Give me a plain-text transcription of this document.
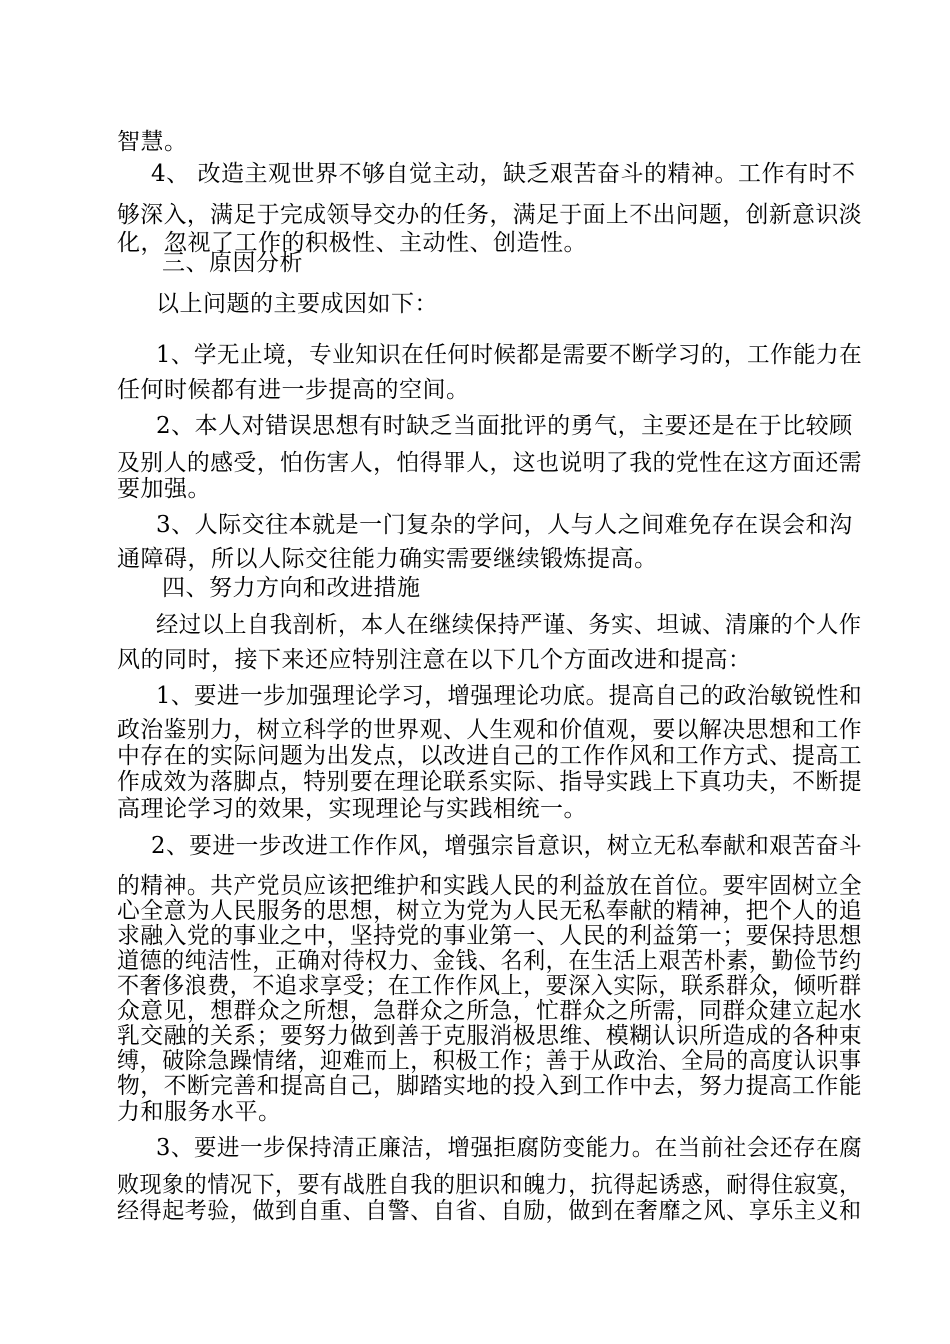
智慧。
4、 改造主观世界不够自觉主动，缺乏艰苦奋斗的精神。工作有时不
够深入，满足于完成领导交办的任务，满足于面上不出问题，创新意识淡
化，忽视了工作的积极性、主动性、创造性。
三、原因分析
以上问题的主要成因如下：
1、学无止境，专业知识在任何时候都是需要不断学习的，工作能力在
任何时候都有进一步提高的空间。
2、本人对错误思想有时缺乏当面批评的勇气，主要还是在于比较顾
及别人的感受，怕伤害人，怕得罪人，这也说明了我的党性在这方面还需
要加强。
3、人际交往本就是一门复杂的学问，人与人之间难免存在误会和沟
通障碍，所以人际交往能力确实需要继续锻炼提高。
四、努力方向和改进措施
经过以上自我剖析，本人在继续保持严谨、务实、坦诚、清廉的个人作
风的同时，接下来还应特别注意在以下几个方面改进和提高：
1、要进一步加强理论学习，增强理论功底。提高自己的政治敏锐性和
政治鉴别力，树立科学的世界观、人生观和价值观，要以解决思想和工作
中存在的实际问题为出发点，以改进自己的工作作风和工作方式、提高工
作成效为落脚点，特别要在理论联系实际、指导实践上下真功夫，不断提
高理论学习的效果，实现理论与实践相统一。
2、要进一步改进工作作风，增强宗旨意识，树立无私奉献和艰苦奋斗
的精神。共产党员应该把维护和实践人民的利益放在首位。要牢固树立全
心全意为人民服务的思想，树立为党为人民无私奉献的精神，把个人的追
求融入党的事业之中，坚持党的事业第一、人民的利益第一；要保持思想
道德的纯洁性，正确对待权力、金钱、名利，在生活上艰苦朴素，勤俭节约
不奢侈浪费，不追求享受；在工作作风上，要深入实际，联系群众，倾听群
众意见，想群众之所想，急群众之所急，忙群众之所需，同群众建立起水
乳交融的关系；要努力做到善于克服消极思维、模糊认识所造成的各种束
缚，破除急躁情绪，迎难而上，积极工作；善于从政治、全局的高度认识事
物，不断完善和提高自己，脚踏实地的投入到工作中去，努力提高工作能
力和服务水平。
3、要进一步保持清正廉洁，增强拒腐防变能力。在当前社会还存在腐
败现象的情况下，要有战胜自我的胆识和魄力，抗得起诱惑，耐得住寂寞，
经得起考验，做到自重、自警、自省、自励，做到在奢靡之风、享乐主义和
